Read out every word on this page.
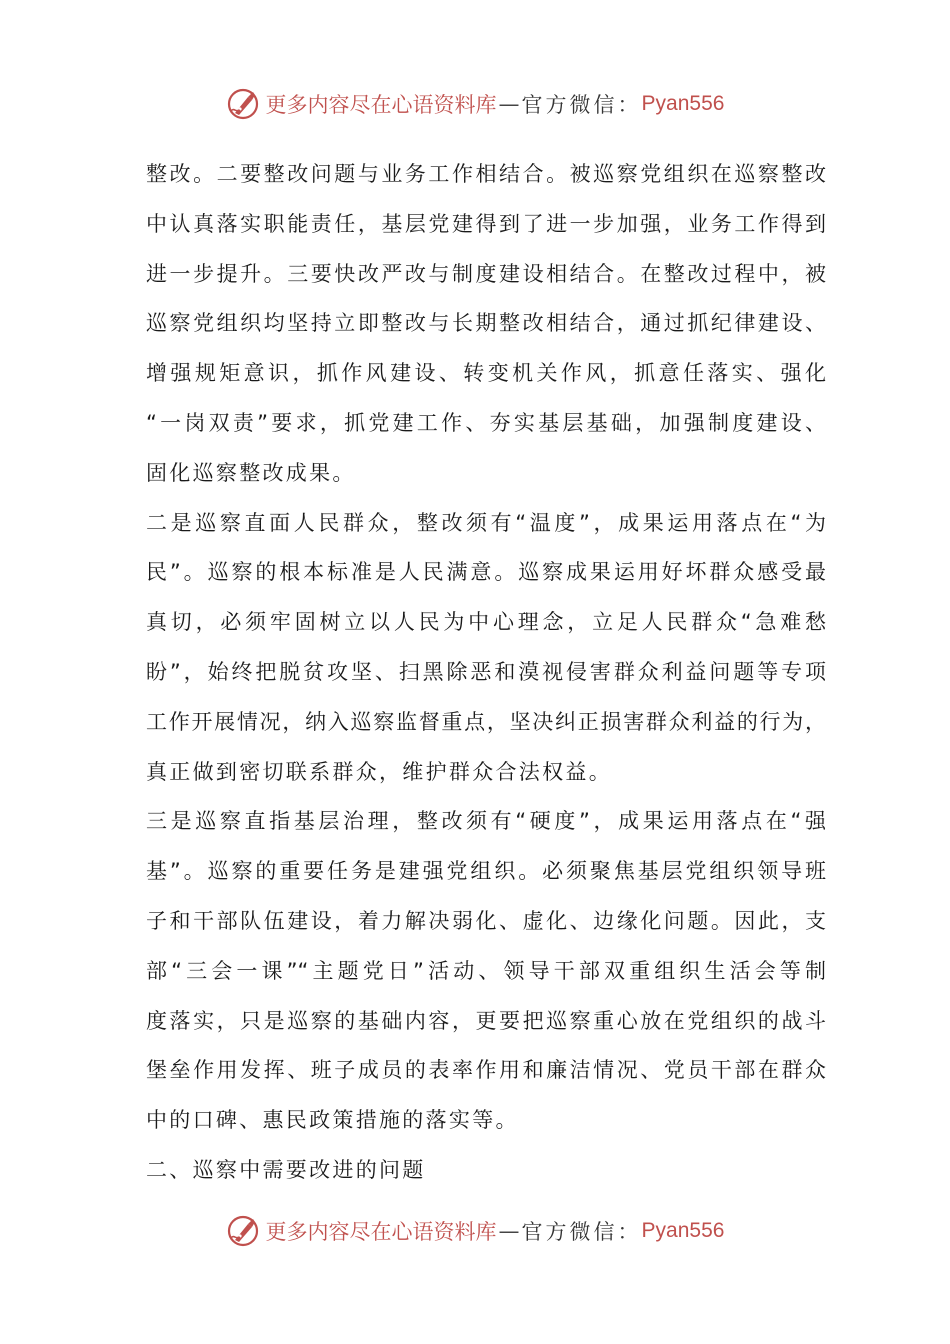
更多内容尽在心语资料库 — 官方微信： Pyan556
整改。二要整改问题与业务工作相结合。被巡察党组织在巡察整改
中认真落实职能责任，基层党建得到了进一步加强，业务工作得到
进一步提升。三要快改严改与制度建设相结合。在整改过程中，被
巡察党组织均坚持立即整改与长期整改相结合，通过抓纪律建设、
增强规矩意识，抓作风建设、转变机关作风，抓意任落实、强化
“一岗双责”要求，抓党建工作、夯实基层基础，加强制度建设、
固化巡察整改成果。
二是巡察直面人民群众，整改须有“温度”，成果运用落点在“为
民”。巡察的根本标准是人民满意。巡察成果运用好坏群众感受最
真切，必须牢固树立以人民为中心理念，立足人民群众“急难愁
盼”，始终把脱贫攻坚、扫黑除恶和漠视侵害群众利益问题等专项
工作开展情况，纳入巡察监督重点，坚决纠正损害群众利益的行为，
真正做到密切联系群众，维护群众合法权益。
三是巡察直指基层治理，整改须有“硬度”，成果运用落点在“强
基”。巡察的重要任务是建强党组织。必须聚焦基层党组织领导班
子和干部队伍建设，着力解决弱化、虚化、边缘化问题。因此，支
部“三会一课”“主题党日”活动、领导干部双重组织生活会等制
度落实，只是巡察的基础内容，更要把巡察重心放在党组织的战斗
堡垒作用发挥、班子成员的表率作用和廉洁情况、党员干部在群众
中的口碑、惠民政策措施的落实等。
二、巡察中需要改进的问题
更多内容尽在心语资料库 — 官方微信： Pyan556
